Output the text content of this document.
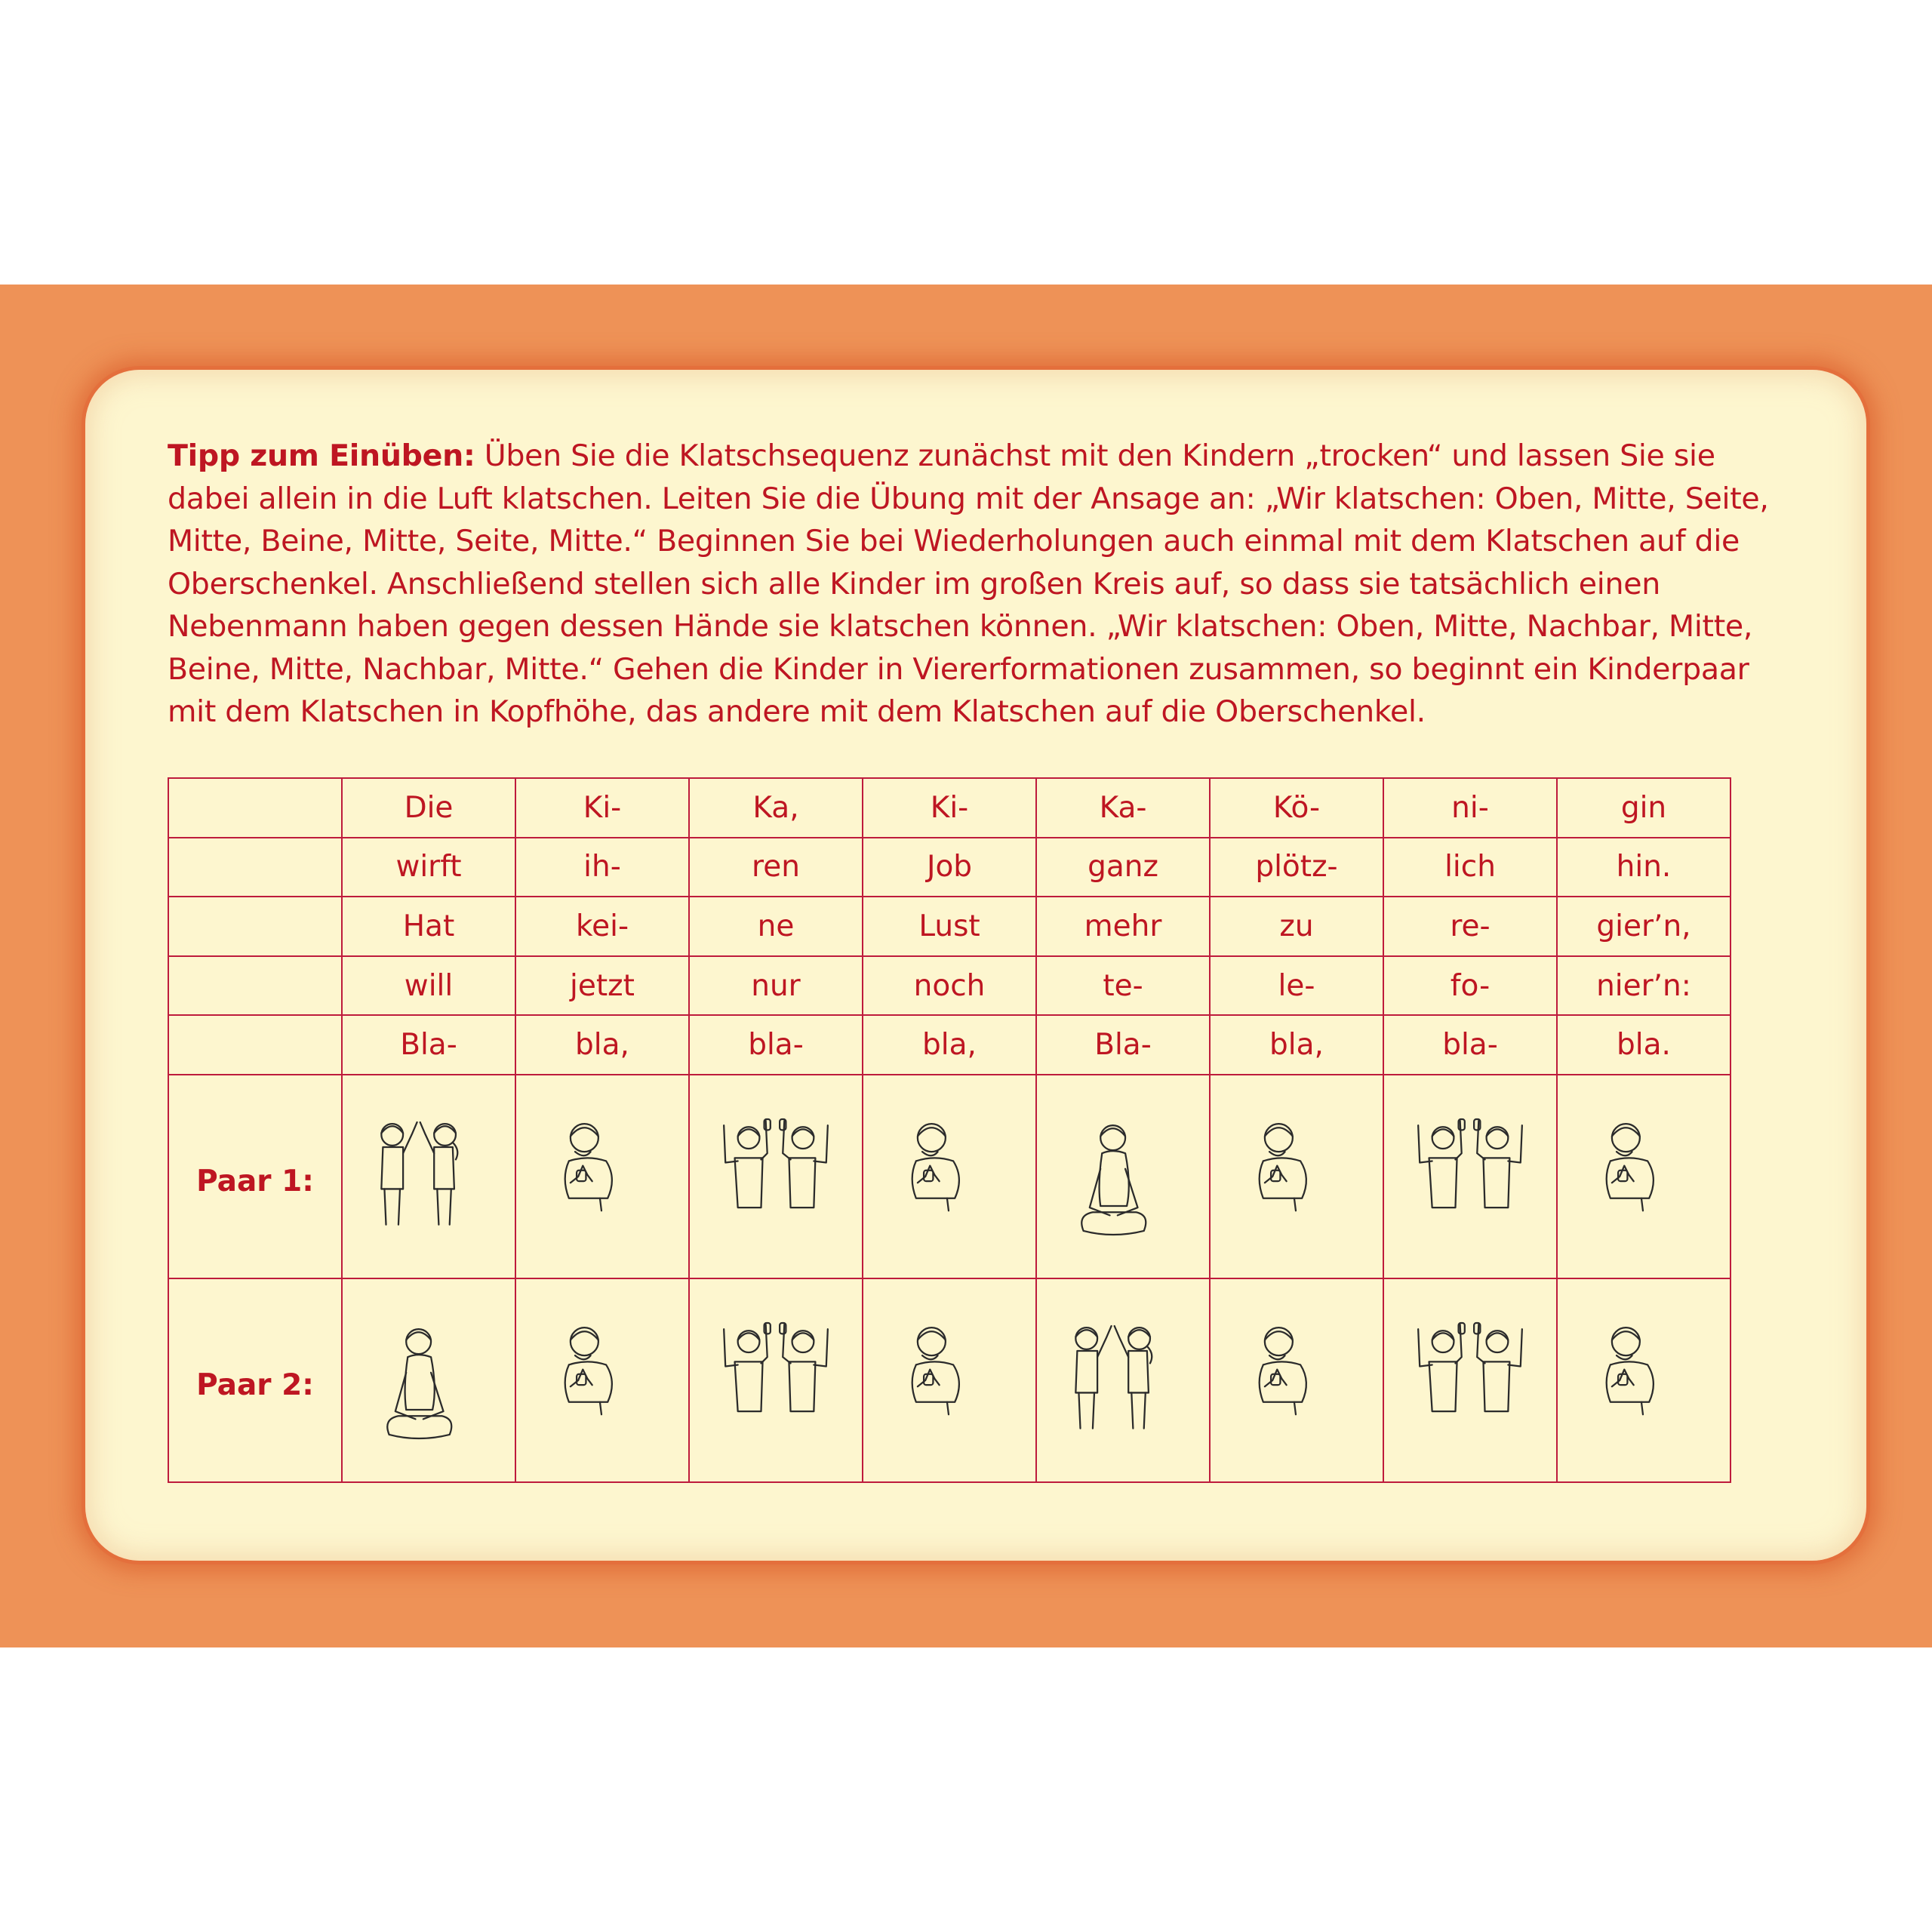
Tipp zum Einüben: Üben Sie die Klatschsequenz zunächst mit den Kindern „trocken“ und lassen Sie sie dabei allein in die Luft klatschen. Leiten Sie die Übung mit der Ansage an: „Wir klatschen: Oben, Mitte, Seite, Mitte, Beine, Mitte, Seite, Mitte.“ Beginnen Sie bei Wiederholungen auch einmal mit dem Klatschen auf die Oberschenkel. Anschließend stellen sich alle Kinder im großen Kreis auf, so dass sie tatsächlich einen Nebenmann haben gegen dessen Hände sie klatschen können. „Wir klatschen: Oben, Mitte, Nachbar, Mitte, Beine, Mitte, Nachbar, Mitte.“ Gehen die Kinder in Viererformationen zusammen, so beginnt ein Kinderpaar mit dem Klatschen in Kopfhöhe, das andere mit dem Klatschen auf die Oberschenkel.

	Die	Ki-	Ka,	Ki-	Ka-	Kö-	ni-	gin
	wirft	ih-	ren	Job	ganz	plötz-	lich	hin.
	Hat	kei-	ne	Lust	mehr	zu	re-	gier’n,
	will	jetzt	nur	noch	te-	le-	fo-	nier’n:
	Bla-	bla,	bla-	bla,	Bla-	bla,	bla-	bla.
Paar 1:	

Paar 2:	
